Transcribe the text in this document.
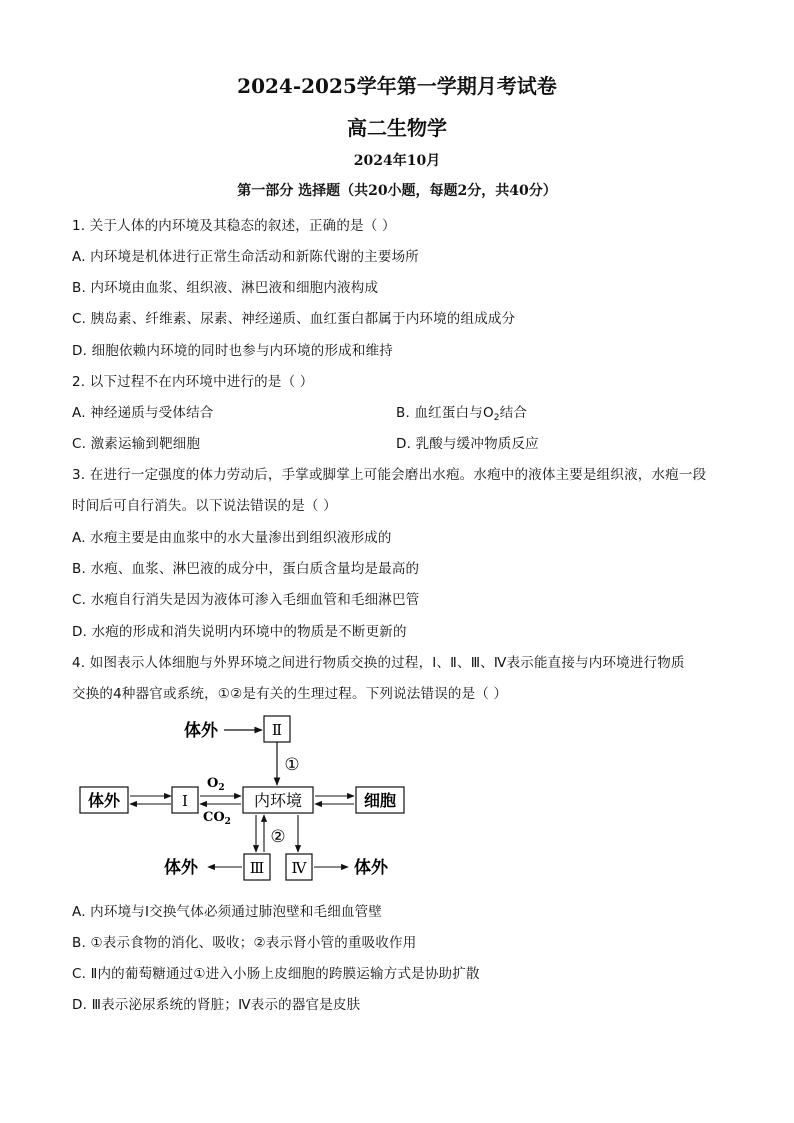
2024-2025学年第一学期月考试卷
高二生物学
2024年10月
第一部分 选择题（共20小题，每题2分，共40分）
1. 关于人体的内环境及其稳态的叙述，正确的是（ ）
A. 内环境是机体进行正常生命活动和新陈代谢的主要场所
B. 内环境由血浆、组织液、淋巴液和细胞内液构成
C. 胰岛素、纤维素、尿素、神经递质、血红蛋白都属于内环境的组成成分
D. 细胞依赖内环境的同时也参与内环境的形成和维持
2. 以下过程不在内环境中进行的是（ ）
A. 神经递质与受体结合	B. 血红蛋白与$O_2$结合
C. 激素运输到靶细胞	D. 乳酸与缓冲物质反应
3. 在进行一定强度的体力劳动后，手掌或脚掌上可能会磨出水疱。水疱中的液体主要是组织液，水疱一段
时间后可自行消失。以下说法错误的是（ ）
A. 水疱主要是由血浆中的水大量渗出到组织液形成的
B. 水疱、血浆、淋巴液的成分中，蛋白质含量均是最高的
C. 水疱自行消失是因为液体可渗入毛细血管和毛细淋巴管
D. 水疱的形成和消失说明内环境中的物质是不断更新的
4. 如图表示人体细胞与外界环境之间进行物质交换的过程，Ⅰ、Ⅱ、Ⅲ、Ⅳ表示能直接与内环境进行物质
交换的4种器官或系统，①②是有关的生理过程。下列说法错误的是（ ）
体外	Ⅱ
①
体外	Ⅰ
$O_2$
$CO_2$
内环境	细胞
②
Ⅲ
体外	Ⅳ	体外
A. 内环境与Ⅰ交换气体必须通过肺泡壁和毛细血管壁
B. ①表示食物的消化、吸收；②表示肾小管的重吸收作用
C. Ⅱ内的葡萄糖通过①进入小肠上皮细胞的跨膜运输方式是协助扩散
D. Ⅲ表示泌尿系统的肾脏；Ⅳ表示的器官是皮肤
